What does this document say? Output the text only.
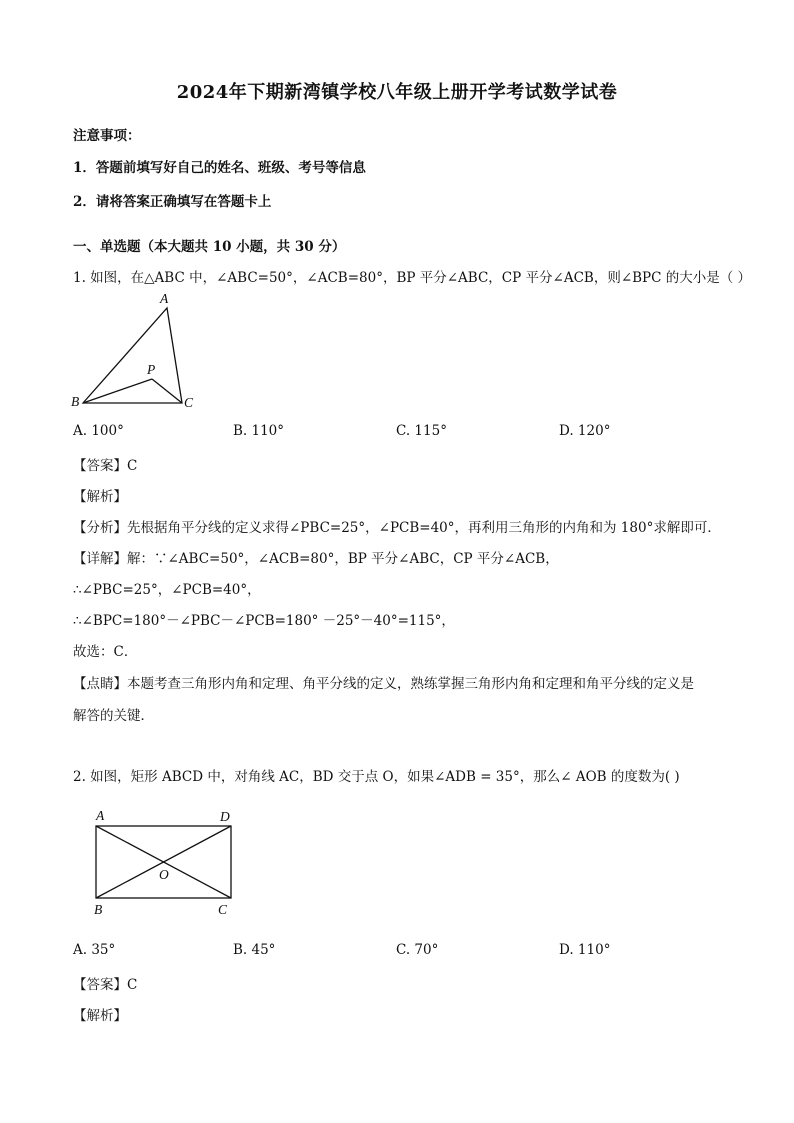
2024年下期新湾镇学校八年级上册开学考试数学试卷
注意事项：
1．答题前填写好自己的姓名、班级、考号等信息
2．请将答案正确填写在答题卡上
一、单选题（本大题共 10 小题，共 30 分）
1. 如图，在△ABC 中，∠ABC=50°，∠ACB=80°，BP 平分∠ABC，CP 平分∠ACB，则∠BPC 的大小是（ ）
A
P
B	C
A. 100°	B. 110°	C. 115°	D. 120°
【答案】C
【解析】
【分析】先根据角平分线的定义求得∠PBC=25°，∠PCB=40°，再利用三角形的内角和为 180°求解即可．
【详解】解：∵∠ABC=50°，∠ACB=80°，BP 平分∠ABC，CP 平分∠ACB，
∴∠PBC=25°，∠PCB=40°，
∴∠BPC=180°－∠PBC－∠PCB=180° －25°－40°=115°，
故选：C．
【点睛】本题考查三角形内角和定理、角平分线的定义，熟练掌握三角形内角和定理和角平分线的定义是
解答的关键．
2. 如图，矩形 ABCD 中，对角线 AC，BD 交于点 O，如果∠ADB = 35°，那么∠ AOB 的度数为( )
A	D
O
B	C
A. 35°	B. 45°	C. 70°	D. 110°
【答案】C
【解析】
